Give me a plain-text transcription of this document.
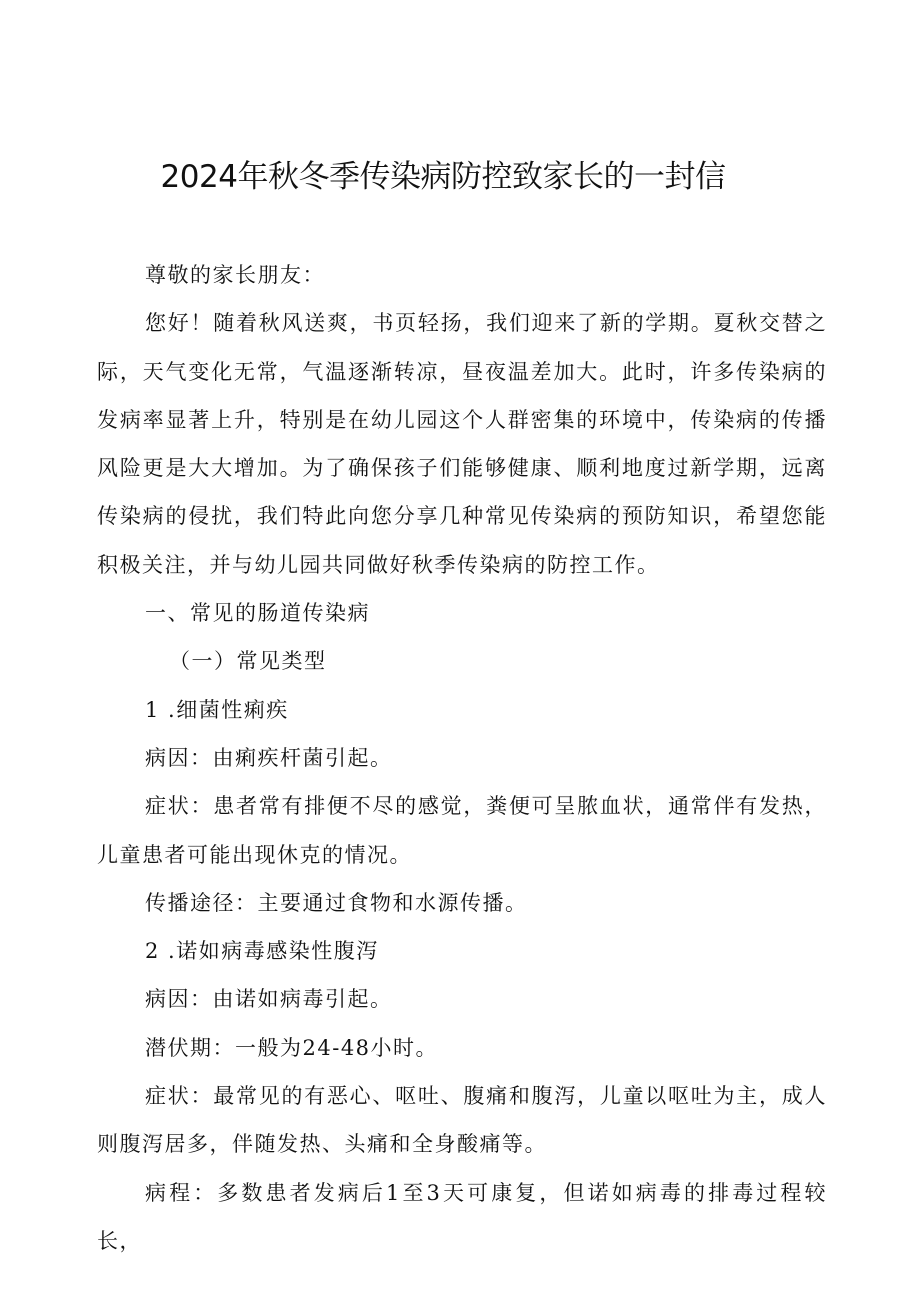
2024年秋冬季传染病防控致家长的一封信

尊敬的家长朋友：

您好！随着秋风送爽，书页轻扬，我们迎来了新的学期。夏秋交替之际，天气变化无常，气温逐渐转凉，昼夜温差加大。此时，许多传染病的发病率显著上升，特别是在幼儿园这个人群密集的环境中，传染病的传播风险更是大大增加。为了确保孩子们能够健康、顺利地度过新学期，远离传染病的侵扰，我们特此向您分享几种常见传染病的预防知识，希望您能积极关注，并与幼儿园共同做好秋季传染病的防控工作。

一、常见的肠道传染病

（一）常见类型

1 .细菌性痢疾

病因：由痢疾杆菌引起。

症状：患者常有排便不尽的感觉，粪便可呈脓血状，通常伴有发热，儿童患者可能出现休克的情况。

传播途径：主要通过食物和水源传播。

2 .诺如病毒感染性腹泻

病因：由诺如病毒引起。

潜伏期：一般为24-48小时。

症状：最常见的有恶心、呕吐、腹痛和腹泻，儿童以呕吐为主，成人则腹泻居多，伴随发热、头痛和全身酸痛等。

病程：多数患者发病后1至3天可康复，但诺如病毒的排毒过程较长，
